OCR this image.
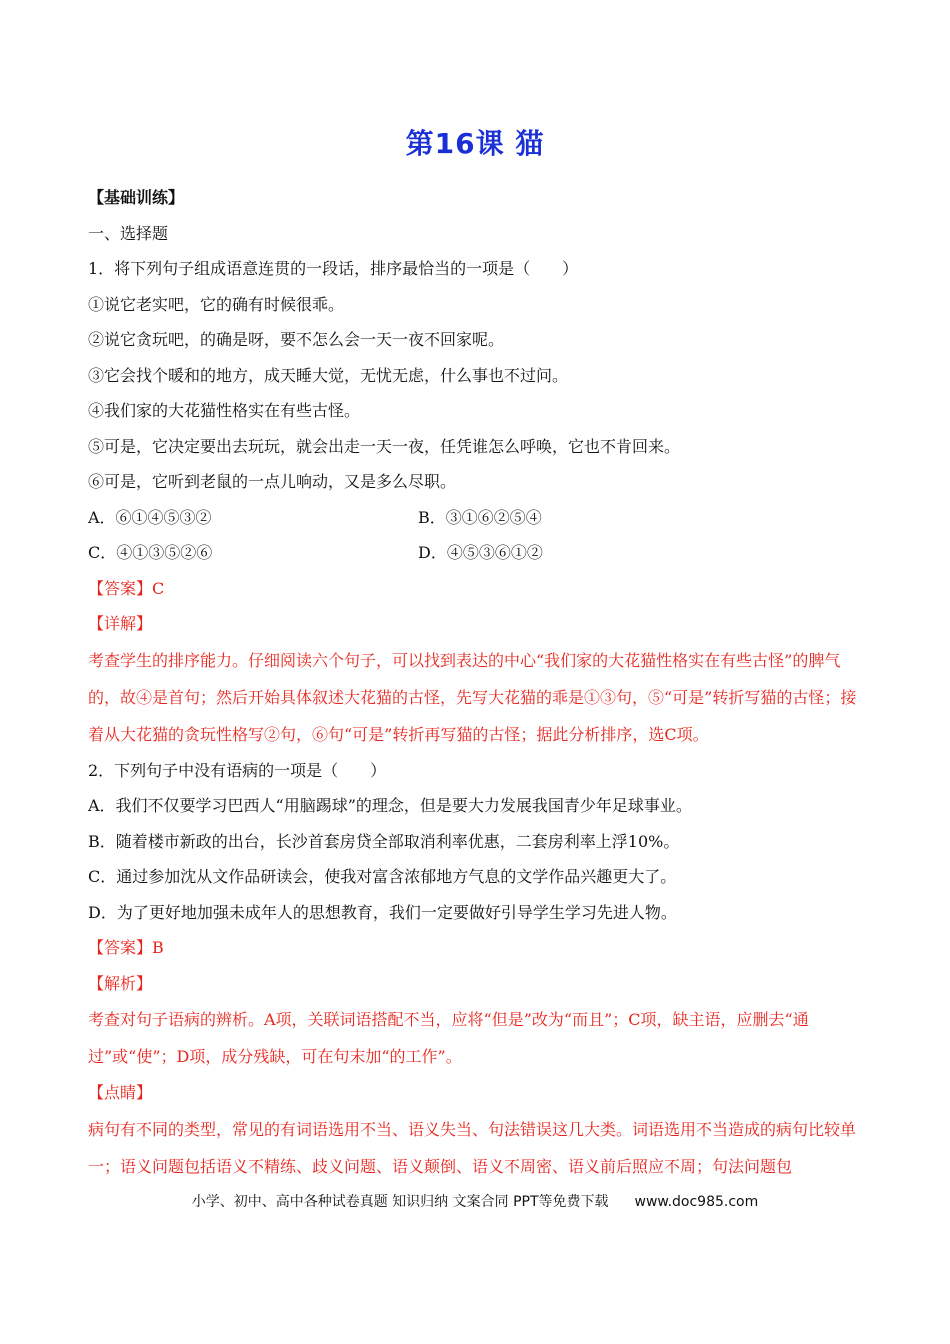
第16课 猫
【基础训练】
一、选择题
1．将下列句子组成语意连贯的一段话，排序最恰当的一项是（　　）
①说它老实吧，它的确有时候很乖。
②说它贪玩吧，的确是呀，要不怎么会一天一夜不回家呢。
③它会找个暖和的地方，成天睡大觉，无忧无虑，什么事也不过问。
④我们家的大花猫性格实在有些古怪。
⑤可是，它决定要出去玩玩，就会出走一天一夜，任凭谁怎么呼唤，它也不肯回来。
⑥可是，它听到老鼠的一点儿响动，又是多么尽职。
A．⑥①④⑤③②	B．③①⑥②⑤④
C．④①③⑤②⑥	D．④⑤③⑥①②
【答案】C
【详解】
考查学生的排序能力。仔细阅读六个句子，可以找到表达的中心“我们家的大花猫性格实在有些古怪”的脾气的，故④是首句；然后开始具体叙述大花猫的古怪，先写大花猫的乖是①③句，⑤“可是”转折写猫的古怪；接着从大花猫的贪玩性格写②句，⑥句“可是”转折再写猫的古怪；据此分析排序，选C项。
2．下列句子中没有语病的一项是（　　）
A．我们不仅要学习巴西人“用脑踢球”的理念，但是要大力发展我国青少年足球事业。
B．随着楼市新政的出台，长沙首套房贷全部取消利率优惠，二套房利率上浮10%。
C．通过参加沈从文作品研读会，使我对富含浓郁地方气息的文学作品兴趣更大了。
D．为了更好地加强未成年人的思想教育，我们一定要做好引导学生学习先进人物。
【答案】B
【解析】
考查对句子语病的辨析。A项，关联词语搭配不当，应将“但是”改为“而且”；C项，缺主语，应删去“通过”或“使”；D项，成分残缺，可在句末加“的工作”。
【点睛】
病句有不同的类型，常见的有词语选用不当、语义失当、句法错误这几大类。词语选用不当造成的病句比较单一；语义问题包括语义不精练、歧义问题、语义颠倒、语义不周密、语义前后照应不周；句法问题包
小学、初中、高中各种试卷真题 知识归纳 文案合同 PPT等免费下载 www.doc985.com
